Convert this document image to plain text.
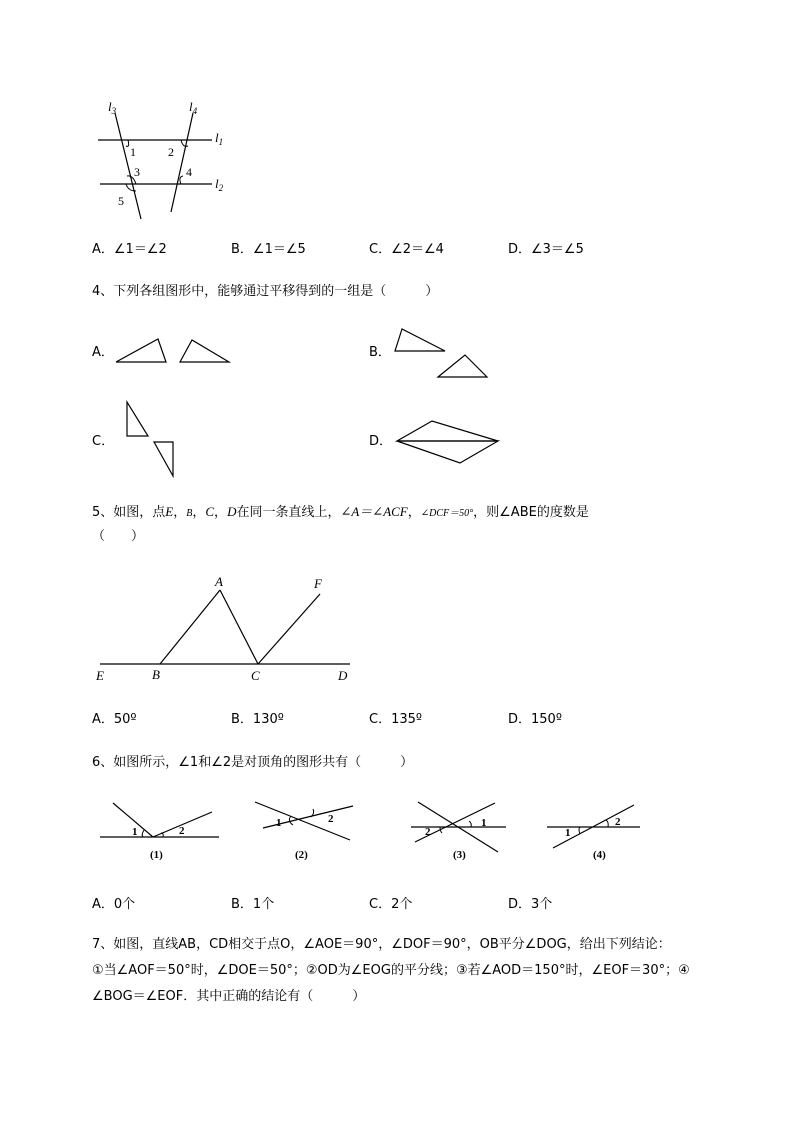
$l_3$	$l_4$
$l_1$
$l_2$
1	2
3	4
5
A．∠1＝∠2	B．∠1＝∠5	C．∠2＝∠4	D．∠3＝∠5
4、下列各组图形中，能够通过平移得到的一组是（　　　）
A．	B．
C．	D．
5、如图，点E，B，C，D在同一条直线上，∠A＝∠ACF，∠DCF＝50°，则∠ABE的度数是
（　　）
A	F
E	B	C	D
A．50º	B．130º	C．135º	D．150º
6、如图所示，∠1和∠2是对顶角的图形共有（　　　）
1	2
(1)
1	2
(2)
2
1
(3)
1
2
(4)
A．0个	B．1个	C．2个	D．3个
7、如图，直线AB，CD相交于点O，∠AOE＝90°，∠DOF＝90°，OB平分∠DOG，给出下列结论：
①当∠AOF＝50°时，∠DOE＝50°；②OD为∠EOG的平分线；③若∠AOD＝150°时，∠EOF＝30°；④
∠BOG＝∠EOF．其中正确的结论有（　　　）
